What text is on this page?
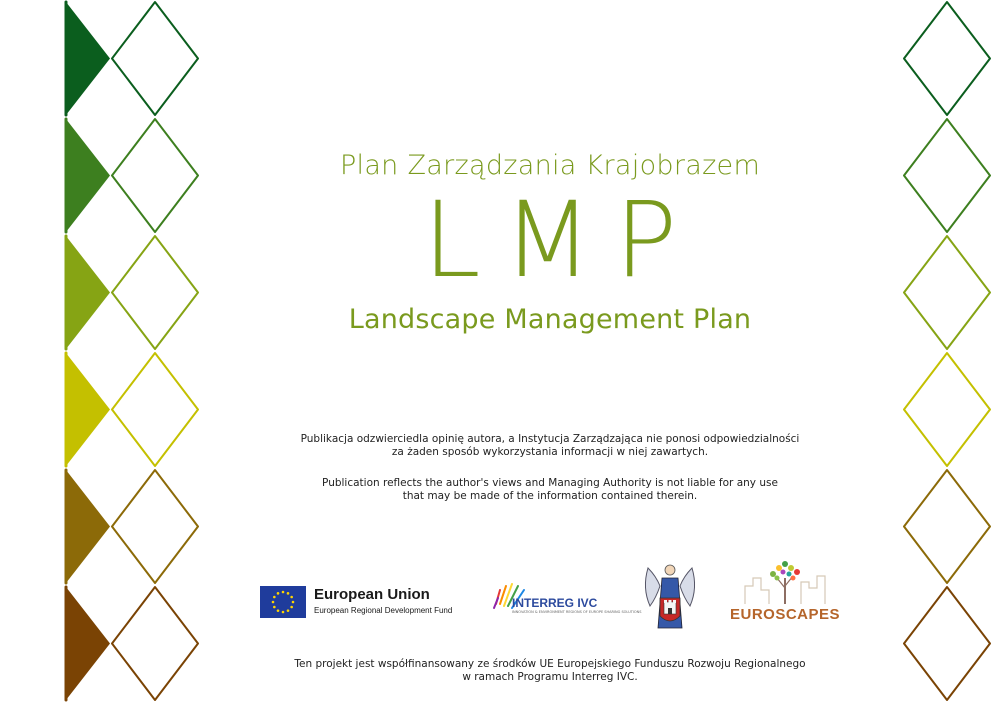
Plan Zarządzania Krajobrazem
LMP
Landscape Management Plan
Publikacja odzwierciedla opinię autora, a Instytucja Zarządzająca nie ponosi odpowiedzialności
za żaden sposób wykorzystania informacji w niej zawartych.
Publication reflects the author's views and Managing Authority is not liable for any use
that may be made of the information contained therein.
Ten projekt jest współfinansowany ze środków UE Europejskiego Funduszu Rozwoju Regionalnego
w ramach Programu Interreg IVC.
European Union
European Regional Development Fund
INTERREG IVC
INNOVATION & ENVIRONMENT REGIONS OF EUROPE SHARING SOLUTIONS	EUROSCAPES
